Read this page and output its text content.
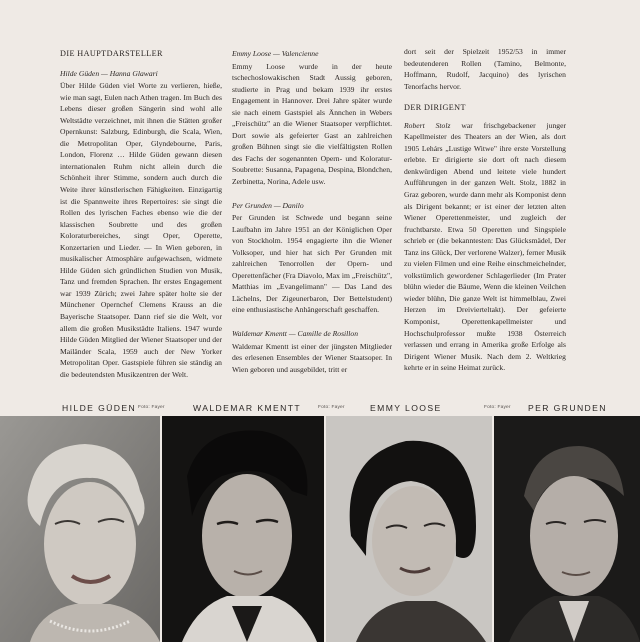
DIE HAUPTDARSTELLER
Hilde Güden — Hanna Glawari
Über Hilde Güden viel Worte zu verlieren, hieße, wie man sagt, Eulen nach Athen tragen. Im Buch des Lebens dieser großen Sängerin sind wohl alle Weltstädte verzeichnet, mit ihnen die Stätten großer Opernkunst: Salzburg, Edinburgh, die Scala, Wien, die Metropolitan Oper, Glyndebourne, Paris, London, Florenz … Hilde Güden gewann diesen internationalen Ruhm nicht allein durch die Schönheit ihrer Stimme, sondern auch durch die Weite ihrer künstlerischen Fähigkeiten. Einzigartig ist die Spannweite ihres Repertoires: sie singt die Rollen des lyrischen Faches ebenso wie die der klassischen Soubrette und des großen Koloraturbereiches, singt Oper, Operette, Konzertarien und Lieder. — In Wien geboren, in musikalischer Atmosphäre aufgewachsen, widmete Hilde Güden sich gründlichen Studien von Musik, Tanz und fremden Sprachen. Ihr erstes Engagement war 1939 Zürich; zwei Jahre später holte sie der Münchener Opernchef Clemens Krauss an die Bayerische Staatsoper. Dann rief sie die Welt, vor allem die großen Musikstädte Italiens. 1947 wurde Hilde Güden Mitglied der Wiener Staatsoper und der Mailänder Scala, 1959 auch der New Yorker Metropolitan Oper. Gastspiele führen sie ständig an die bedeutendsten Musikzentren der Welt.
Emmy Loose — Valencienne
Emmy Loose wurde in der heute tschechoslowakischen Stadt Aussig geboren, studierte in Prag und bekam 1939 ihr erstes Engagement in Hannover. Drei Jahre später wurde sie nach einem Gastspiel als Ännchen in Webers „Freischütz" an die Wiener Staatsoper verpflichtet. Dort sowie als gefeierter Gast an zahlreichen großen Bühnen singt sie die vielfältigsten Rollen des Fachs der sogenannten Opern- und Koloratur-Soubrette: Susanna, Papagena, Despina, Blondchen, Zerbinetta, Norina, Adele usw.
Per Grunden — Danilo
Per Grunden ist Schwede und begann seine Laufbahn im Jahre 1951 an der Königlichen Oper von Stockholm. 1954 engagierte ihn die Wiener Volksoper, und hier hat sich Per Grunden mit zahlreichen Tenorrollen der Opern- und Operettenfächer (Fra Diavolo, Max im „Freischütz", Matthias im „Evangelimann" — Das Land des Lächelns, Der Zigeunerbaron, Der Bettelstudent) eine enthusiastische Anhängerschaft geschaffen.
Waldemar Kmentt — Camille de Rosillon
Waldemar Kmentt ist einer der jüngsten Mitglieder des erlesenen Ensembles der Wiener Staatsoper. In Wien geboren und ausgebildet, tritt er
dort seit der Spielzeit 1952/53 in immer bedeutenderen Rollen (Tamino, Belmonte, Hoffmann, Rudolf, Jacquino) des lyrischen Tenorfachs hervor.
DER DIRIGENT
Robert Stolz war frischgebackener junger Kapellmeister des Theaters an der Wien, als dort 1905 Lehárs „Lustige Witwe" ihre erste Vorstellung erlebte. Er dirigierte sie dort oft nach diesem denkwürdigen Abend und leitete viele hundert Aufführungen in der ganzen Welt. Stolz, 1882 in Graz geboren, wurde dann mehr als Komponist denn als Dirigent bekannt; er ist einer der letzten alten Wiener Operettenmeister, und zugleich der fruchtbarste. Etwa 50 Operetten und Singspiele schrieb er (die bekanntesten: Das Glücksmädel, Der Tanz ins Glück, Der verlorene Walzer), ferner Musik zu vielen Filmen und eine Reihe einschmeichelnder, volkstümlich gewordener Schlagerlieder (Im Prater blühn wieder die Bäume, Wenn die kleinen Veilchen wieder blühn, Die ganze Welt ist himmelblau, Zwei Herzen im Dreivierteltakt). Der gefeierte Komponist, Operettenkapellmeister und Hochschulprofessor mußte 1938 Österreich verlassen und errang in Amerika große Erfolge als Dirigent Wiener Musik. Nach dem 2. Weltkrieg kehrte er in seine Heimat zurück.
HILDE GÜDEN Foto: Fayer	WALDEMAR KMENTT	Foto: Fayer	EMMY LOOSE	Foto: Fayer PER GRUNDEN
